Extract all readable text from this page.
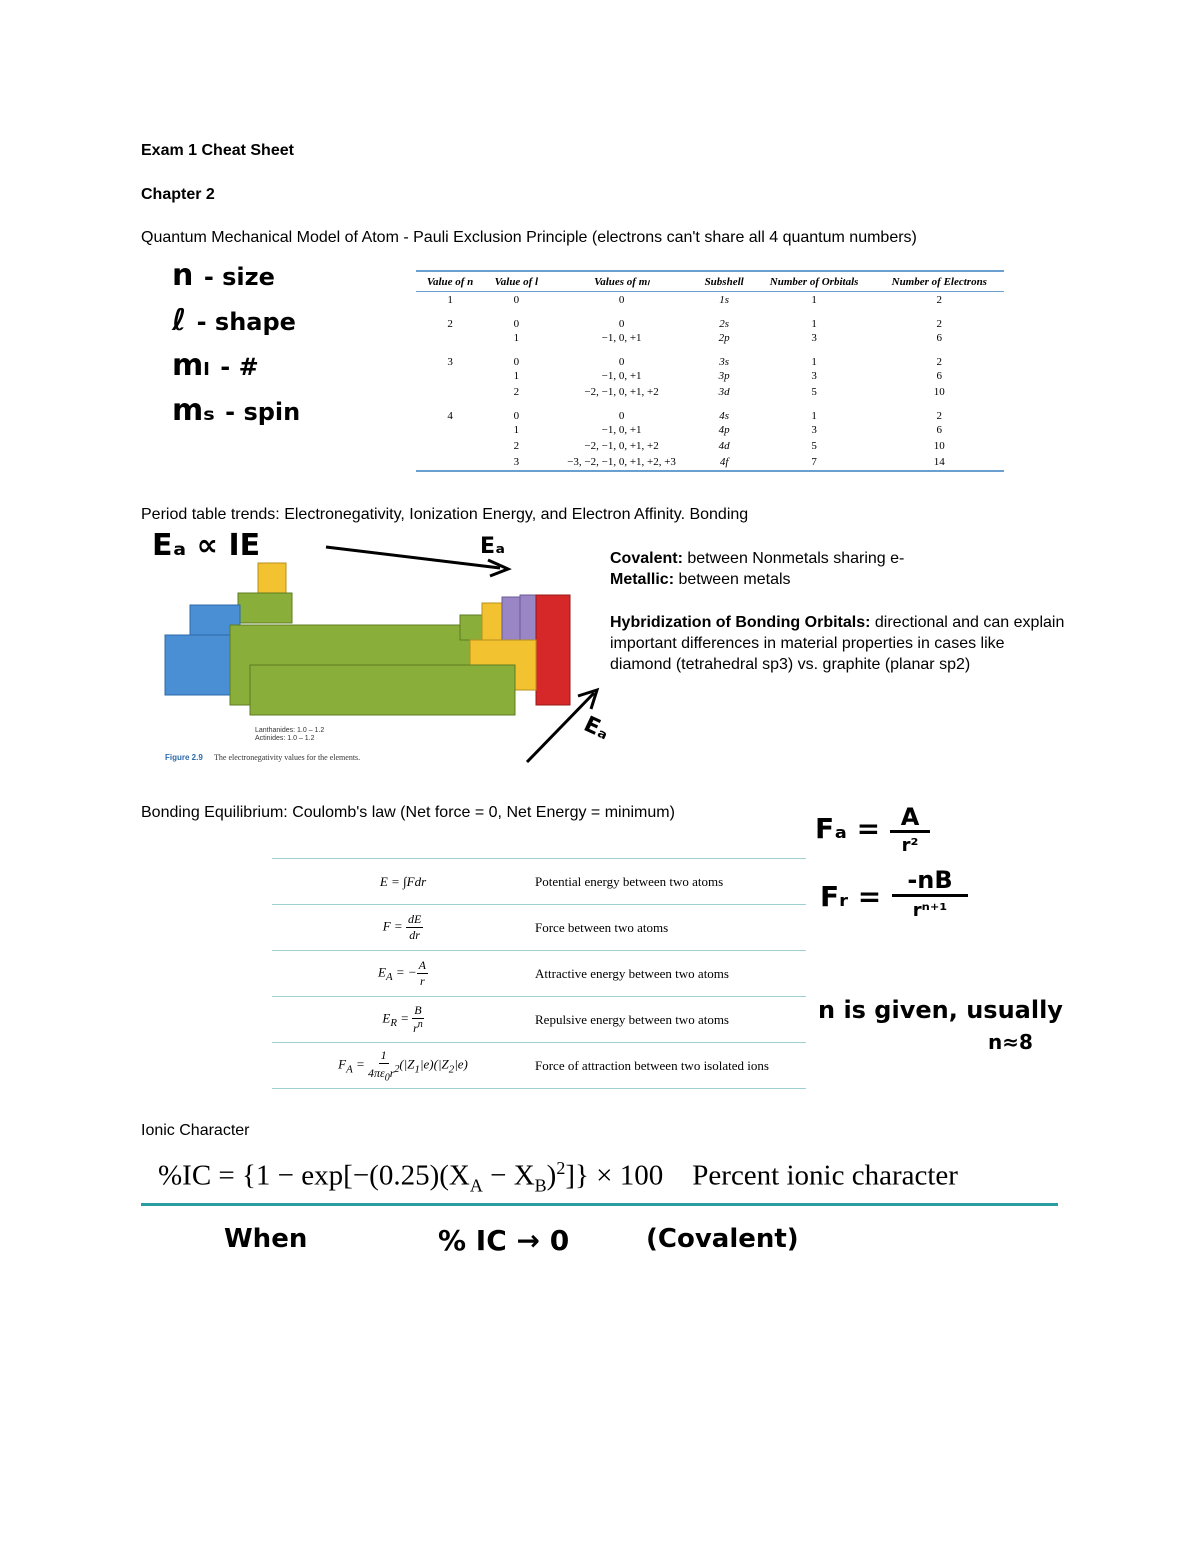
Exam 1 Cheat Sheet
Chapter 2
Quantum Mechanical Model of Atom - Pauli Exclusion Principle (electrons can't share all 4 quantum numbers)
n - size
ℓ - shape
mₗ - #
mₛ - spin
Value of n	Value of l	Values of mₗ	Subshell	Number of Orbitals	Number of Electrons
1	0	0	1s	1	2
2	0	0	2s	1	2
	1	−1, 0, +1	2p	3	6
3	0	0	3s	1	2
	1	−1, 0, +1	3p	3	6
	2	−2, −1, 0, +1, +2	3d	5	10
4	0	0	4s	1	2
	1	−1, 0, +1	4p	3	6
	2	−2, −1, 0, +1, +2	4d	5	10
	3	−3, −2, −1, 0, +1, +2, +3	4f	7	14
Period table trends: Electronegativity, Ionization Energy, and Electron Affinity. Bonding
Eₐ ∝ IE	Eₐ
Eₐ
Lanthanides: 1.0 – 1.2
Actinides: 1.0 – 1.2
Figure 2.9 The electronegativity values for the elements.
Covalent: between Nonmetals sharing e-
Metallic: between metals
Hybridization of Bonding Orbitals: directional and can explain important differences in material properties in cases like diamond (tetrahedral sp3) vs. graphite (planar sp2)
Bonding Equilibrium: Coulomb's law (Net force = 0, Net Energy = minimum)
E = ∫Fdr	Potential energy between two atoms
$F = \frac{dE}{dr}$	Force between two atoms
$E_A$ = − $\frac{A}{r}$	Attractive energy between two atoms
$E_R = \frac{B}{r^n}$	Repulsive energy between two atoms
$F_A = \frac{1}{4\pi\varepsilon_0r^2} (|Z_1|e)(|Z_2|e)$	Force of attraction between two isolated ions
Fₐ = A
r²
Fᵣ =	-nB
rⁿ⁺¹
n is given, usually
n≈8
Ionic Character
$\%IC = \{1 - \exp[-(0.25)(X_A - X_B)^2]\} \times 100$    Percent ionic character
When	% IC → 0	(Covalent)
